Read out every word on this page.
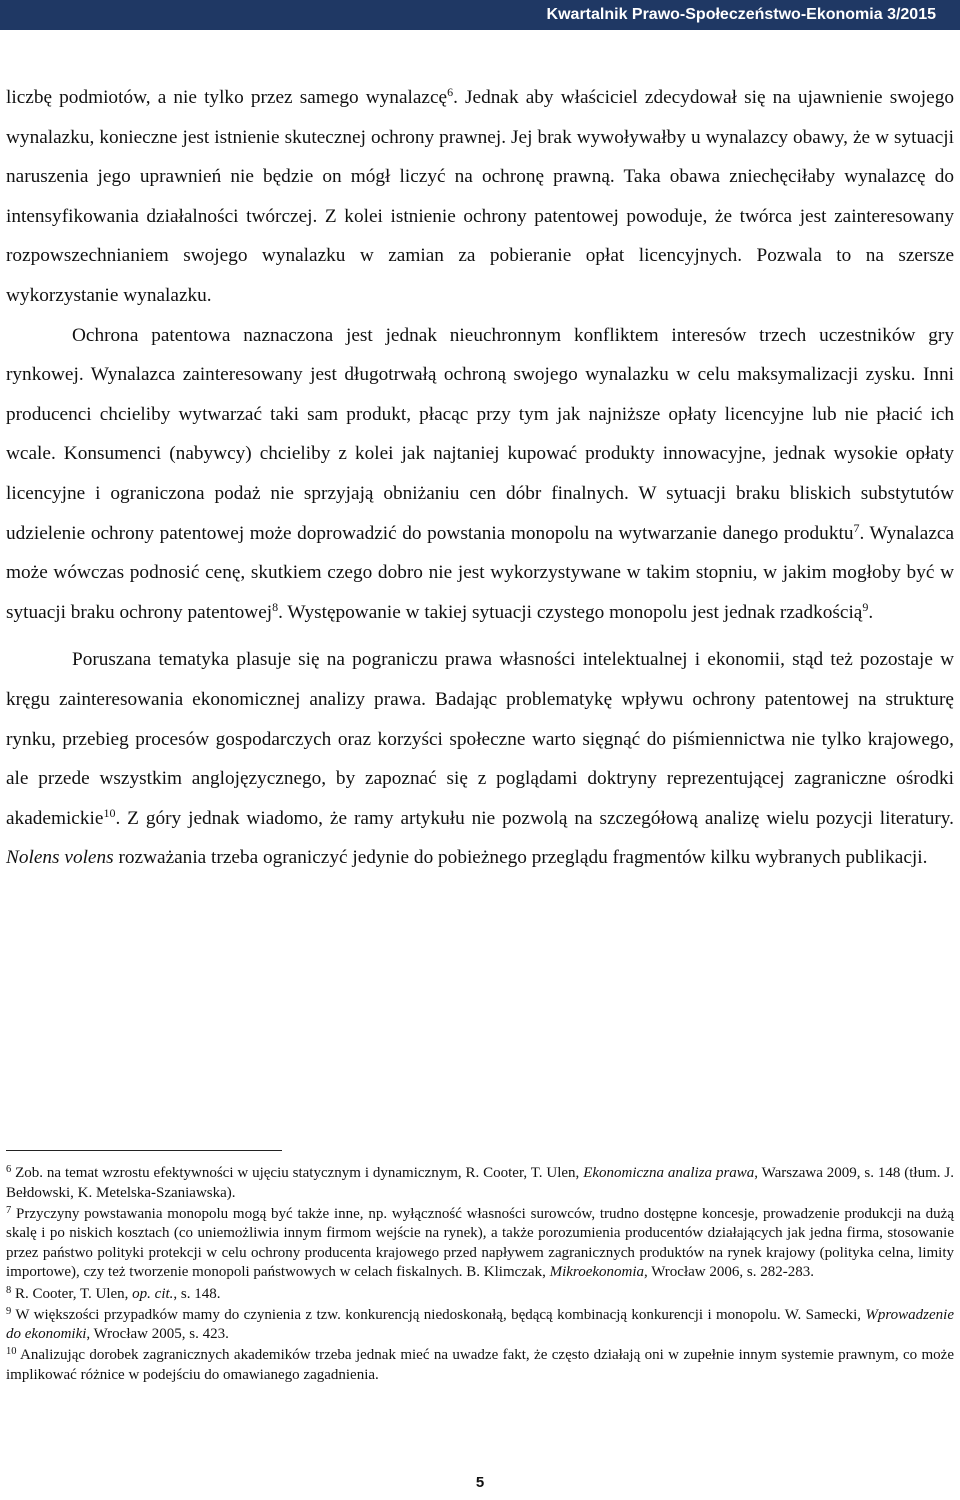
Kwartalnik Prawo-Społeczeństwo-Ekonomia 3/2015

liczbę podmiotów, a nie tylko przez samego wynalazcę$^6$. Jednak aby właściciel zdecydował się na ujawnienie swojego wynalazku, konieczne jest istnienie skutecznej ochrony prawnej. Jej brak wywoływałby u wynalazcy obawy, że w sytuacji naruszenia jego uprawnień nie będzie on mógł liczyć na ochronę prawną. Taka obawa zniechęciłaby wynalazcę do intensyfikowania działalności twórczej. Z kolei istnienie ochrony patentowej powoduje, że twórca jest zainteresowany rozpowszechnianiem swojego wynalazku w zamian za pobieranie opłat licencyjnych. Pozwala to na szersze wykorzystanie wynalazku.

Ochrona patentowa naznaczona jest jednak nieuchronnym konfliktem interesów trzech uczestników gry rynkowej. Wynalazca zainteresowany jest długotrwałą ochroną swojego wynalazku w celu maksymalizacji zysku. Inni producenci chcieliby wytwarzać taki sam produkt, płacąc przy tym jak najniższe opłaty licencyjne lub nie płacić ich wcale. Konsumenci (nabywcy) chcieliby z kolei jak najtaniej kupować produkty innowacyjne, jednak wysokie opłaty licencyjne i ograniczona podaż nie sprzyjają obniżaniu cen dóbr finalnych. W sytuacji braku bliskich substytutów udzielenie ochrony patentowej może doprowadzić do powstania monopolu na wytwarzanie danego produktu$^7$. Wynalazca może wówczas podnosić cenę, skutkiem czego dobro nie jest wykorzystywane w takim stopniu, w jakim mogłoby być w sytuacji braku ochrony patentowej$^8$. Występowanie w takiej sytuacji czystego monopolu jest jednak rzadkością$^9$.

Poruszana tematyka plasuje się na pograniczu prawa własności intelektualnej i ekonomii, stąd też pozostaje w kręgu zainteresowania ekonomicznej analizy prawa. Badając problematykę wpływu ochrony patentowej na strukturę rynku, przebieg procesów gospodarczych oraz korzyści społeczne warto sięgnąć do piśmiennictwa nie tylko krajowego, ale przede wszystkim anglojęzycznego, by zapoznać się z poglądami doktryny reprezentującej zagraniczne ośrodki akademickie$^{10}$. Z góry jednak wiadomo, że ramy artykułu nie pozwolą na szczegółową analizę wielu pozycji literatury. Nolens volens rozważania trzeba ograniczyć jedynie do pobieżnego przeglądu fragmentów kilku wybranych publikacji.

$^6$ Zob. na temat wzrostu efektywności w ujęciu statycznym i dynamicznym, R. Cooter, T. Ulen, Ekonomiczna analiza prawa, Warszawa 2009, s. 148 (tłum. J. Bełdowski, K. Metelska-Szaniawska).

$^7$ Przyczyny powstawania monopolu mogą być także inne, np. wyłączność własności surowców, trudno dostępne koncesje, prowadzenie produkcji na dużą skalę i po niskich kosztach (co uniemożliwia innym firmom wejście na rynek), a także porozumienia producentów działających jak jedna firma, stosowanie przez państwo polityki protekcji w celu ochrony producenta krajowego przed napływem zagranicznych produktów na rynek krajowy (polityka celna, limity importowe), czy też tworzenie monopoli państwowych w celach fiskalnych. B. Klimczak, Mikroekonomia, Wrocław 2006, s. 282-283.

$^8$ R. Cooter, T. Ulen, op. cit., s. 148.

$^9$ W większości przypadków mamy do czynienia z tzw. konkurencją niedoskonałą, będącą kombinacją konkurencji i monopolu. W. Samecki, Wprowadzenie do ekonomiki, Wrocław 2005, s. 423.

$^{10}$ Analizując dorobek zagranicznych akademików trzeba jednak mieć na uwadze fakt, że często działają oni w zupełnie innym systemie prawnym, co może implikować różnice w podejściu do omawianego zagadnienia.

5
